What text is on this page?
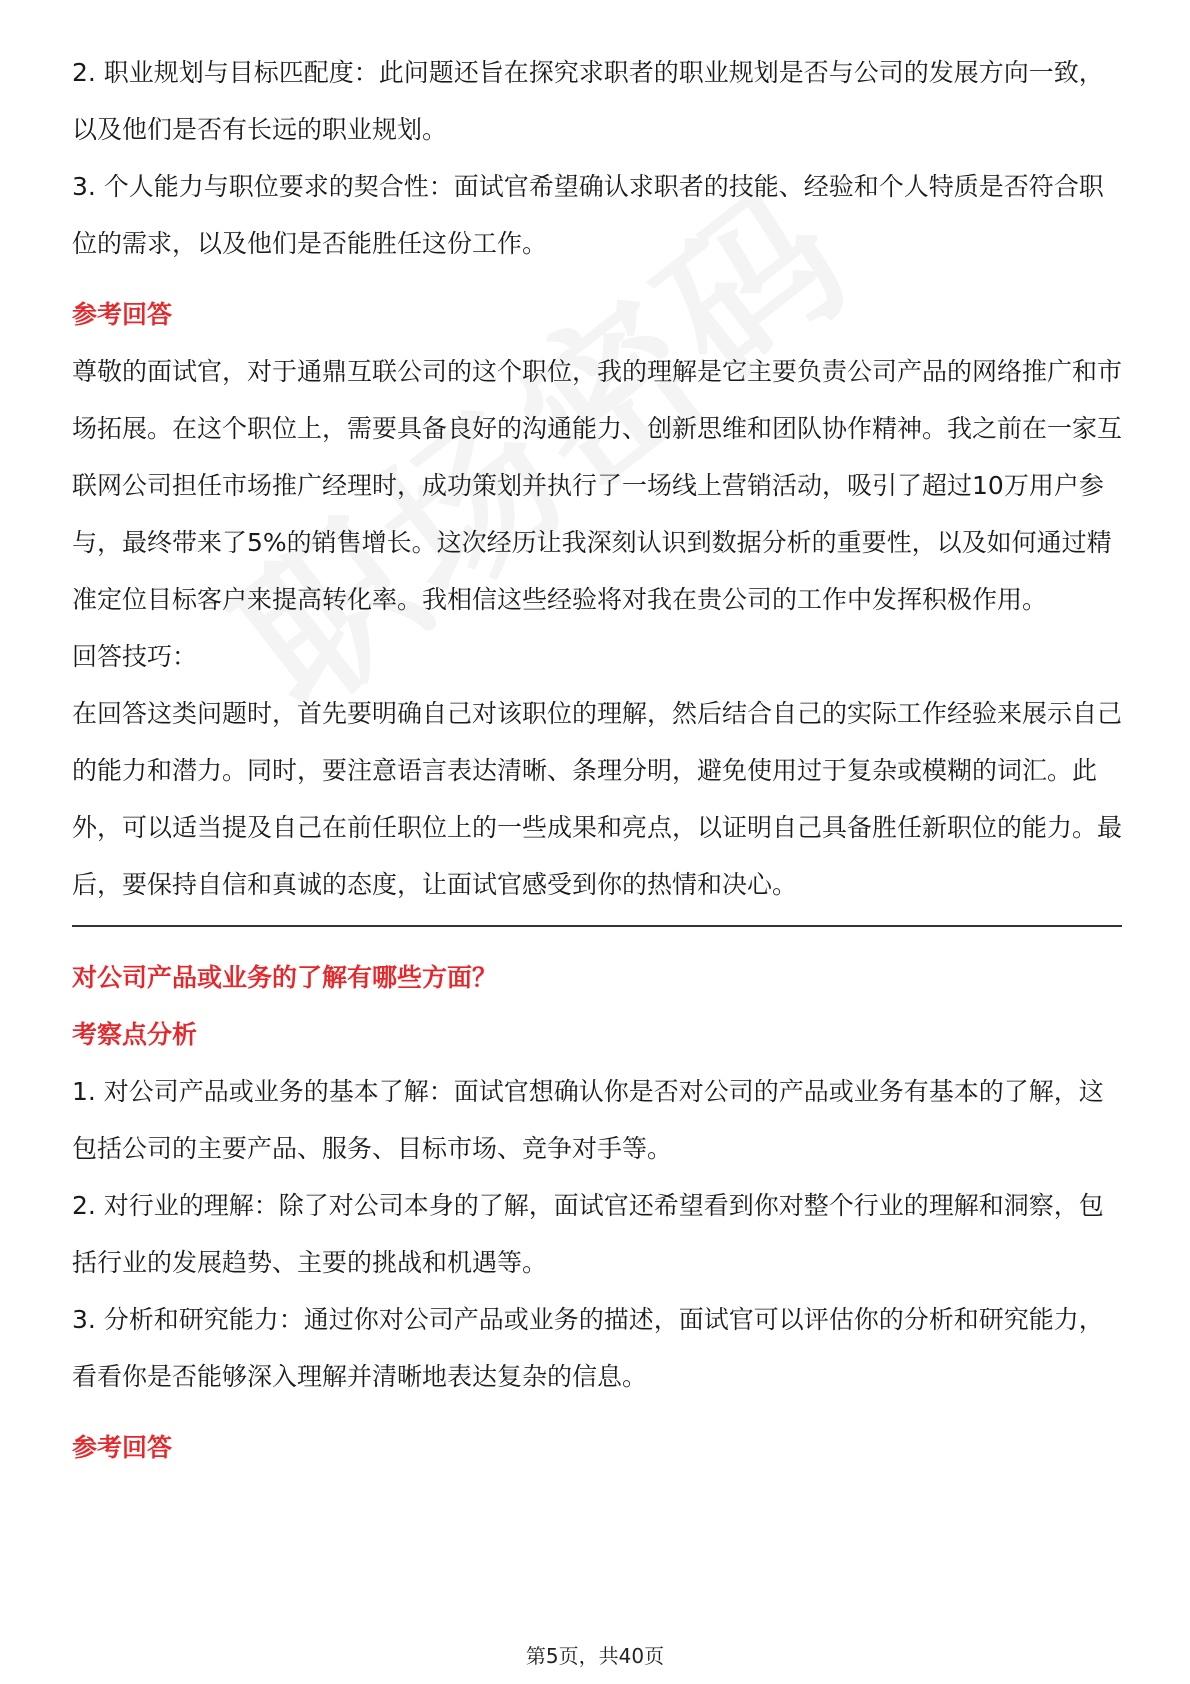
2. 职业规划与目标匹配度：此问题还旨在探究求职者的职业规划是否与公司的发展方向一致，以及他们是否有长远的职业规划。

3. 个人能力与职位要求的契合性：面试官希望确认求职者的技能、经验和个人特质是否符合职位的需求，以及他们是否能胜任这份工作。

参考回答

尊敬的面试官，对于通鼎互联公司的这个职位，我的理解是它主要负责公司产品的网络推广和市场拓展。在这个职位上，需要具备良好的沟通能力、创新思维和团队协作精神。我之前在一家互联网公司担任市场推广经理时，成功策划并执行了一场线上营销活动，吸引了超过10万用户参与，最终带来了5%的销售增长。这次经历让我深刻认识到数据分析的重要性，以及如何通过精准定位目标客户来提高转化率。我相信这些经验将对我在贵公司的工作中发挥积极作用。

回答技巧：

在回答这类问题时，首先要明确自己对该职位的理解，然后结合自己的实际工作经验来展示自己的能力和潜力。同时，要注意语言表达清晰、条理分明，避免使用过于复杂或模糊的词汇。此外，可以适当提及自己在前任职位上的一些成果和亮点，以证明自己具备胜任新职位的能力。最后，要保持自信和真诚的态度，让面试官感受到你的热情和决心。

对公司产品或业务的了解有哪些方面？
考察点分析

1. 对公司产品或业务的基本了解：面试官想确认你是否对公司的产品或业务有基本的了解，这包括公司的主要产品、服务、目标市场、竞争对手等。

2. 对行业的理解：除了对公司本身的了解，面试官还希望看到你对整个行业的理解和洞察，包括行业的发展趋势、主要的挑战和机遇等。

3. 分析和研究能力：通过你对公司产品或业务的描述，面试官可以评估你的分析和研究能力，看看你是否能够深入理解并清晰地表达复杂的信息。

参考回答
第5页，共40页
